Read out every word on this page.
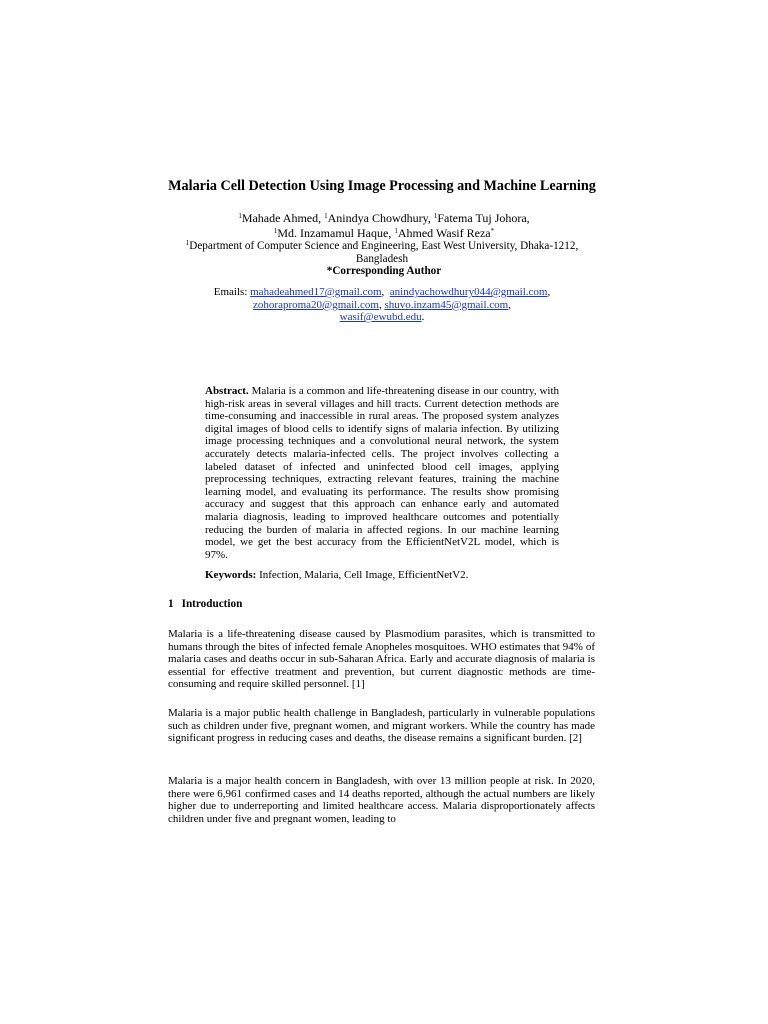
Malaria Cell Detection Using Image Processing and Machine Learning
$^1$Mahade Ahmed, $^1$Anindya Chowdhury, $^1$Fatema Tuj Johora,
$^1$Md. Inzamamul Haque, $^1$Ahmed Wasif Reza*
$^1$Department of Computer Science and Engineering, East West University, Dhaka-1212, Bangladesh
*Corresponding Author
Emails: mahadeahmed17@gmail.com,  anindyachowdhury044@gmail.com,
zohoraproma20@gmail.com, shuvo.inzam45@gmail.com,
wasif@ewubd.edu.

Abstract. Malaria is a common and life-threatening disease in our country, with high-risk areas in several villages and hill tracts. Current detection methods are time-consuming and inaccessible in rural areas. The proposed system analyzes digital images of blood cells to identify signs of malaria infection. By utilizing image processing techniques and a convolutional neural network, the system accurately detects malaria-infected cells. The project involves collecting a labeled dataset of infected and uninfected blood cell images, applying preprocessing techniques, extracting relevant features, training the machine learning model, and evaluating its performance. The results show promising accuracy and suggest that this approach can enhance early and automated malaria diagnosis, leading to improved healthcare outcomes and potentially reducing the burden of malaria in affected regions. In our machine learning model, we get the best accuracy from the EfficientNetV2L model, which is 97%.

Keywords: Infection, Malaria, Cell Image, EfficientNetV2.

1 Introduction

Malaria is a life-threatening disease caused by Plasmodium parasites, which is transmitted to humans through the bites of infected female Anopheles mosquitoes. WHO estimates that 94% of malaria cases and deaths occur in sub-Saharan Africa. Early and accurate diagnosis of malaria is essential for effective treatment and prevention, but current diagnostic methods are time-consuming and require skilled personnel. [1]

Malaria is a major public health challenge in Bangladesh, particularly in vulnerable populations such as children under five, pregnant women, and migrant workers. While the country has made significant progress in reducing cases and deaths, the disease remains a significant burden. [2]

Malaria is a major health concern in Bangladesh, with over 13 million people at risk. In 2020, there were 6,961 confirmed cases and 14 deaths reported, although the actual numbers are likely higher due to underreporting and limited healthcare access. Malaria disproportionately affects children under five and pregnant women, leading to
